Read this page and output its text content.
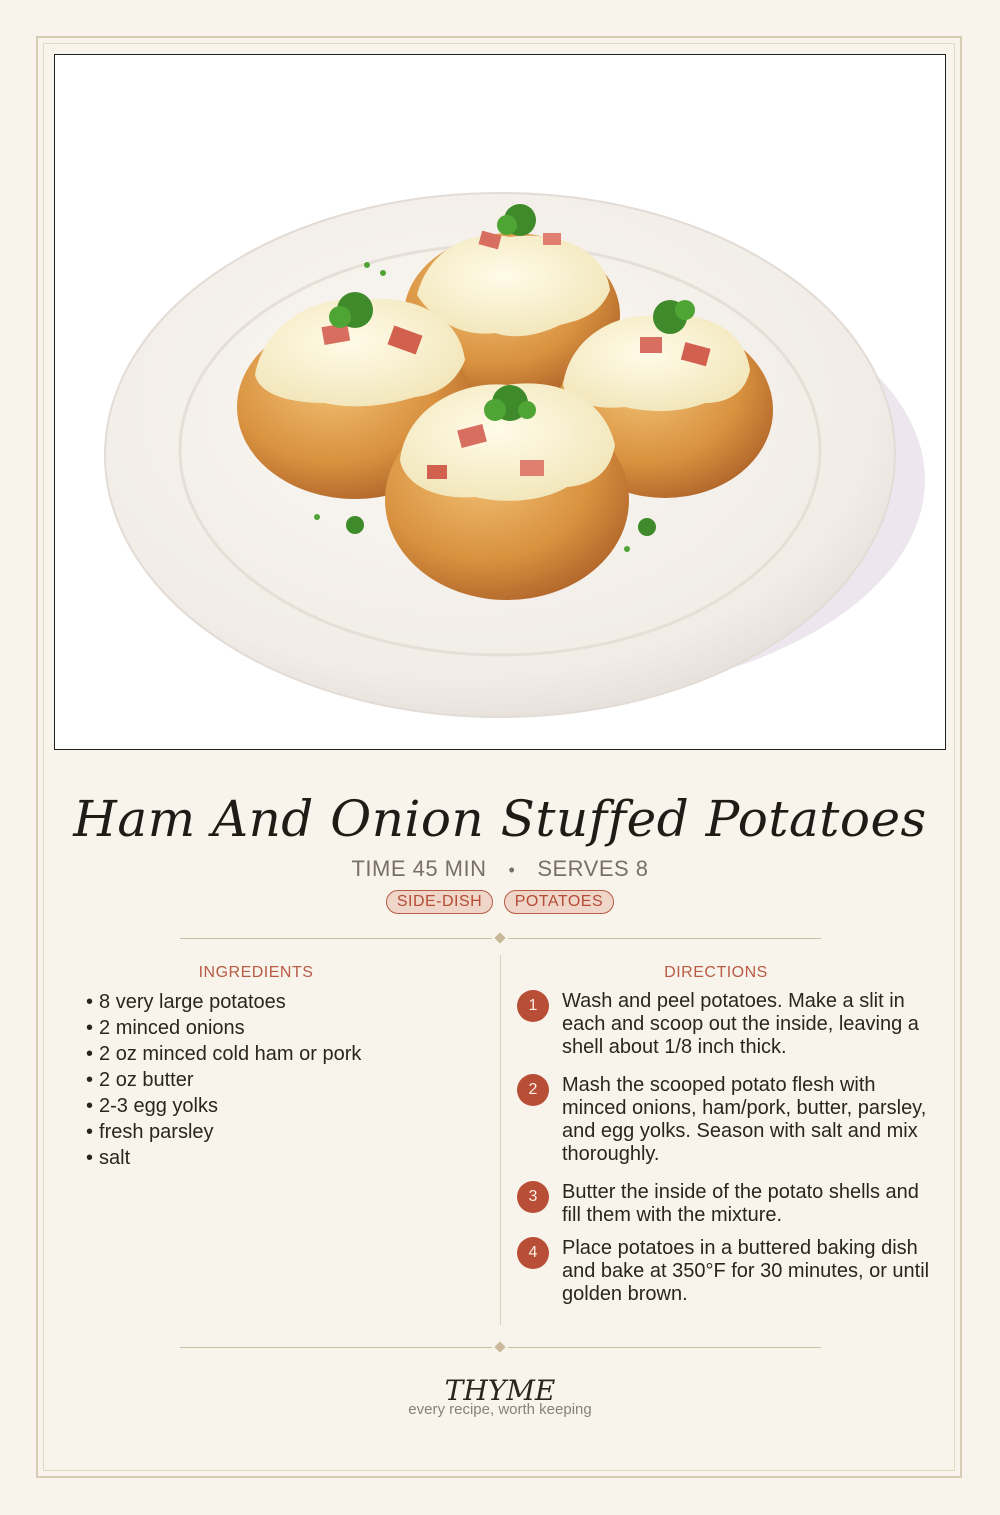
Ham And Onion Stuffed Potatoes
TIME 45 MIN • SERVES 8
SIDE-DISH POTATOES
INGREDIENTS
• 8 very large potatoes
• 2 minced onions
• 2 oz minced cold ham or pork
• 2 oz butter
• 2-3 egg yolks
• fresh parsley
• salt
DIRECTIONS
1	Wash and peel potatoes. Make a slit in each and scoop out the inside, leaving a shell about 1/8 inch thick.
2	Mash the scooped potato flesh with minced onions, ham/pork, butter, parsley, and egg yolks. Season with salt and mix thoroughly.
3	Butter the inside of the potato shells and fill them with the mixture.
4	Place potatoes in a buttered baking dish and bake at 350°F for 30 minutes, or until golden brown.
THYME
every recipe, worth keeping
